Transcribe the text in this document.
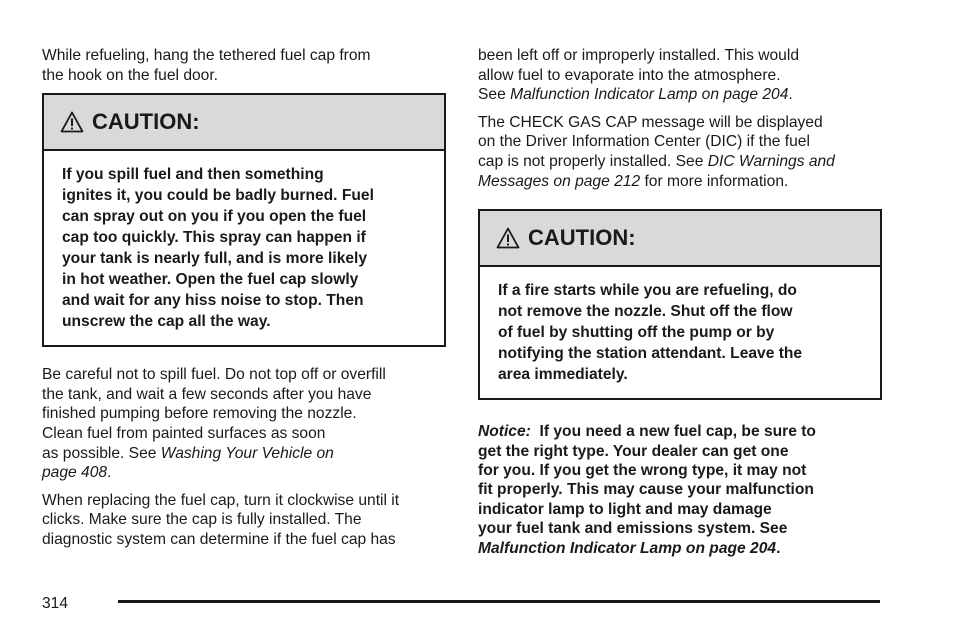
While refueling, hang the tethered fuel cap from
the hook on the fuel door.

CAUTION:
If you spill fuel and then something
ignites it, you could be badly burned. Fuel
can spray out on you if you open the fuel
cap too quickly. This spray can happen if
your tank is nearly full, and is more likely
in hot weather. Open the fuel cap slowly
and wait for any hiss noise to stop. Then
unscrew the cap all the way.

Be careful not to spill fuel. Do not top off or overfill
the tank, and wait a few seconds after you have
finished pumping before removing the nozzle.
Clean fuel from painted surfaces as soon
as possible. See Washing Your Vehicle on
page 408.

When replacing the fuel cap, turn it clockwise until it
clicks. Make sure the cap is fully installed. The
diagnostic system can determine if the fuel cap has

been left off or improperly installed. This would
allow fuel to evaporate into the atmosphere.
See Malfunction Indicator Lamp on page 204.

The CHECK GAS CAP message will be displayed
on the Driver Information Center (DIC) if the fuel
cap is not properly installed. See DIC Warnings and
Messages on page 212 for more information.

CAUTION:
If a fire starts while you are refueling, do
not remove the nozzle. Shut off the flow
of fuel by shutting off the pump or by
notifying the station attendant. Leave the
area immediately.
Notice:  If you need a new fuel cap, be sure to
get the right type. Your dealer can get one
for you. If you get the wrong type, it may not
fit properly. This may cause your malfunction
indicator lamp to light and may damage
your fuel tank and emissions system. See
Malfunction Indicator Lamp on page 204.
314
